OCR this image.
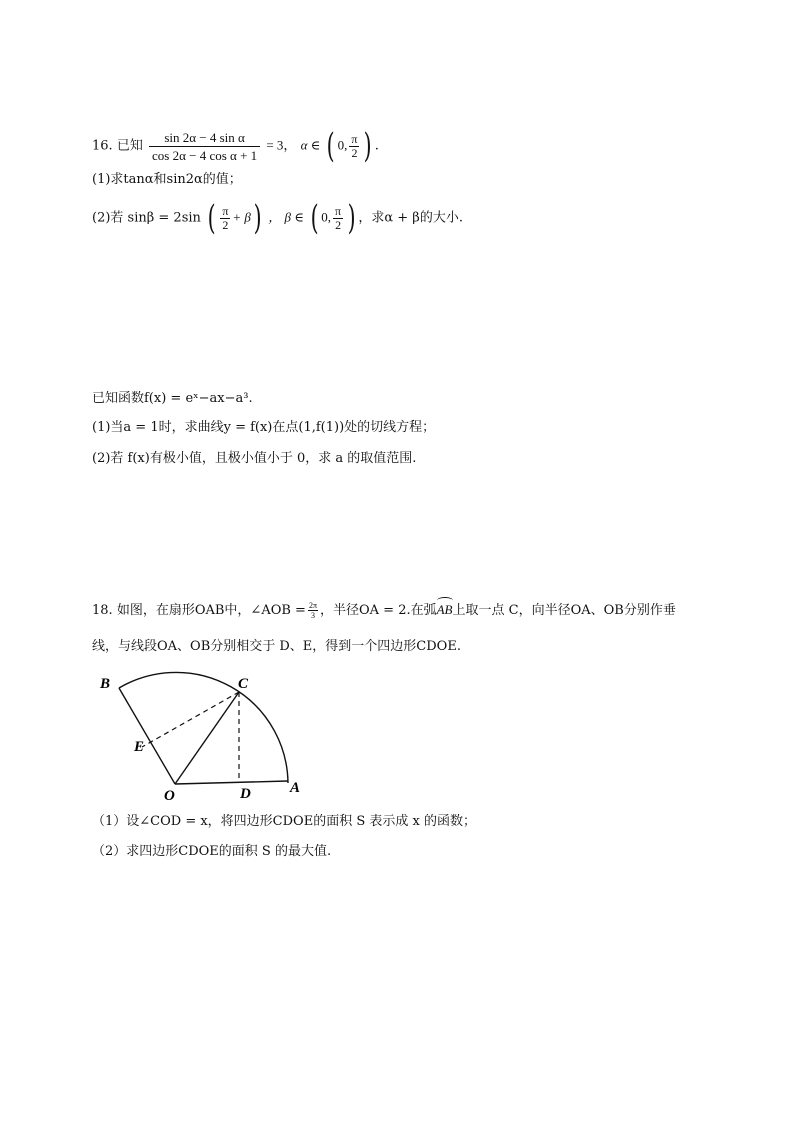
16. 已知 $\frac{\text{sin 2α − 4 sin α}}{\text{cos 2α − 4 cos α + 1}} = 3$， α ∈ ( 0, $\frac{\pi}{2}$ ) .
(1)求tanα和sin2α的值；
(2)若 sinβ = 2sin ( $\frac{\pi}{2} + \beta$) ， β ∈ ( 0, $\frac{\pi}{2}$ ) ，求α + β的大小.
已知函数f(x) = eˣ−ax−a³.
(1)当a = 1时，求曲线y = f(x)在点(1,f(1))处的切线方程；
(2)若 f(x)有极小值，且极小值小于 0，求 a 的取值范围.
18. 如图，在扇形OAB中，∠AOB = $\frac{2\pi}{3}$ ，半径OA = 2.在弧AB上取一点 C，向半径OA、OB分别作垂
线，与线段OA、OB分别相交于 D、E，得到一个四边形CDOE.
B	C
E
O	D	A
（1）设∠COD = x，将四边形CDOE的面积 S 表示成 x 的函数；
（2）求四边形CDOE的面积 S 的最大值.
